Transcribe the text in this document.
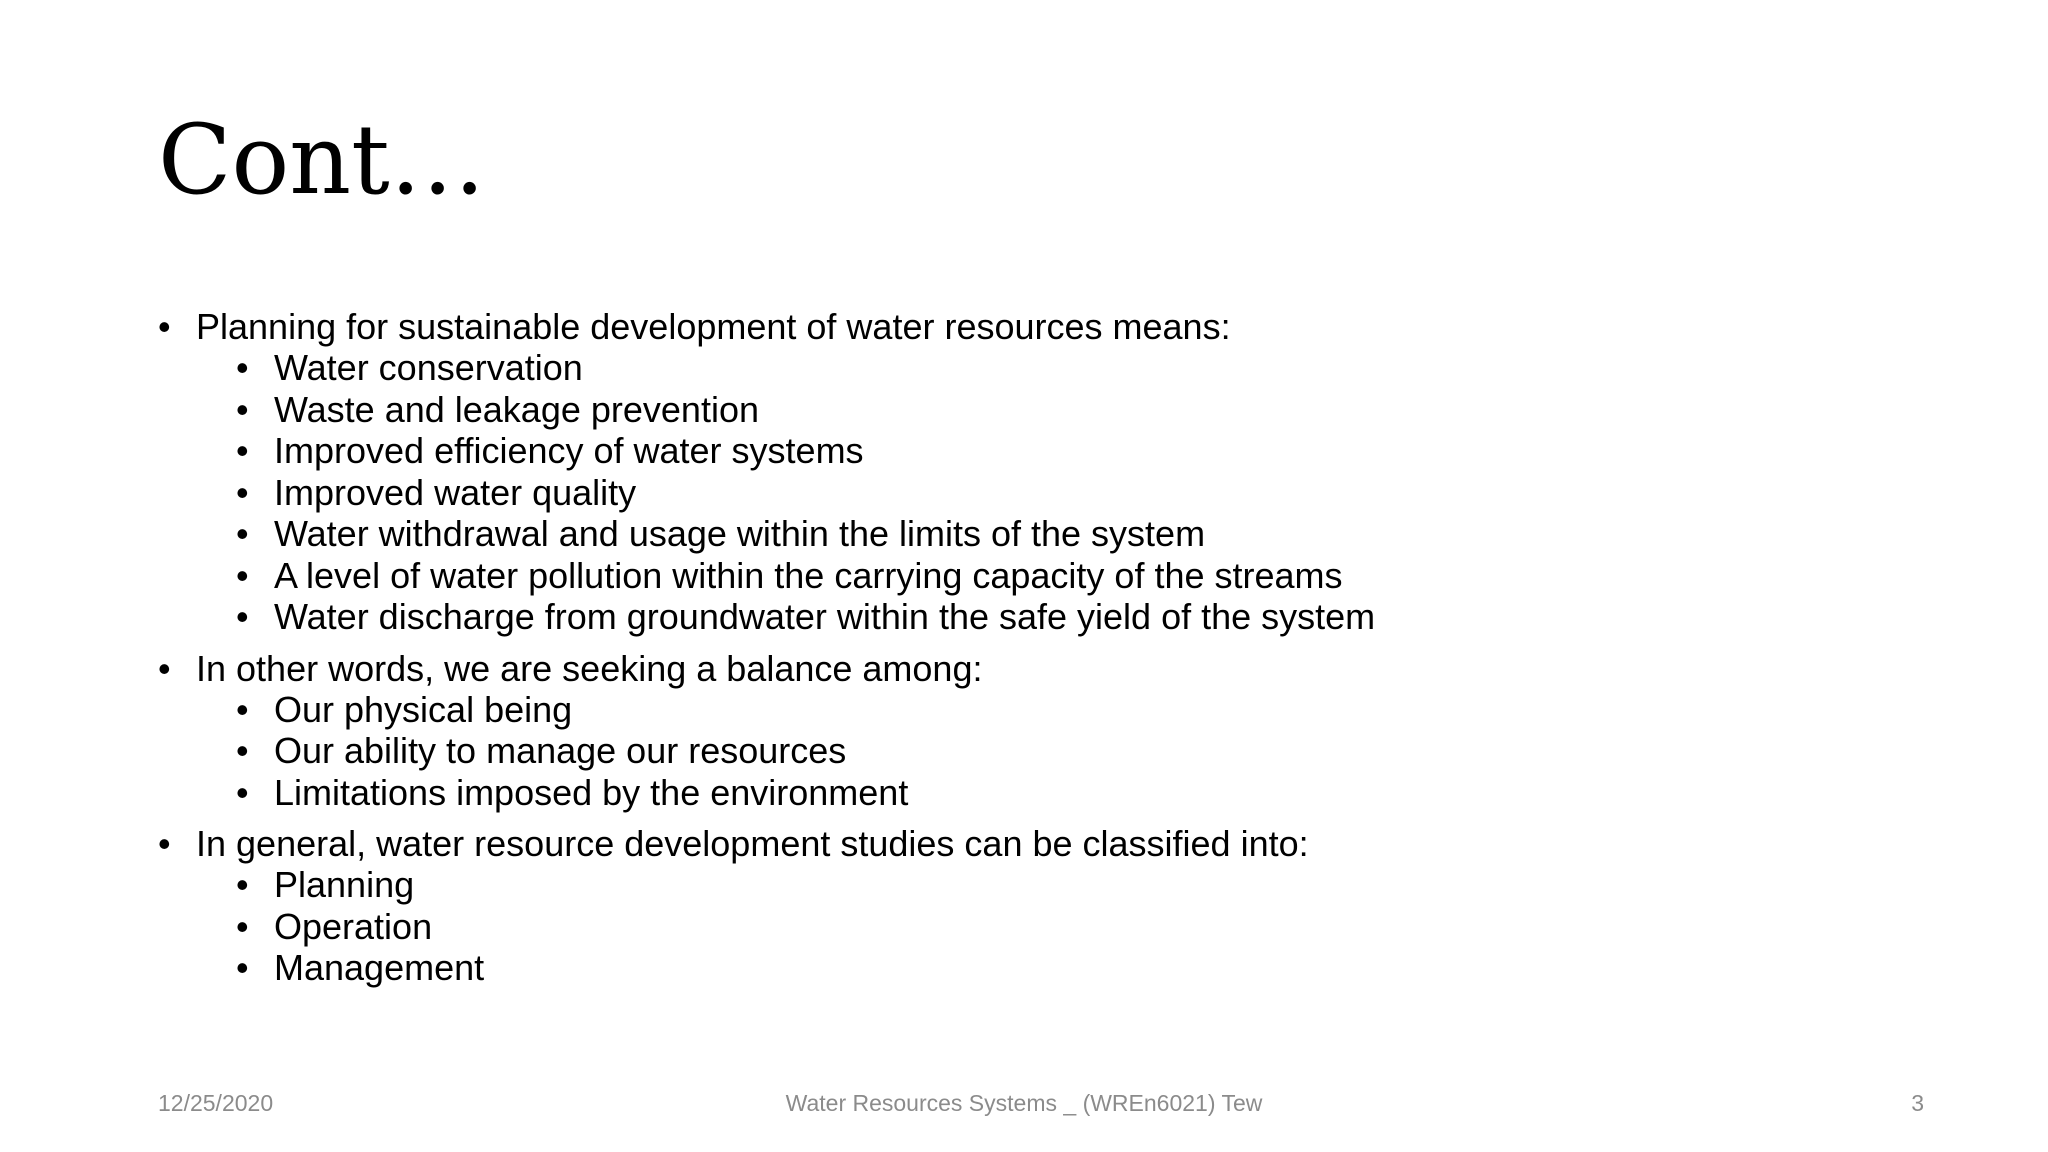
Cont…
• Planning for sustainable development of water resources means:
• Water conservation
• Waste and leakage prevention
• Improved efficiency of water systems
• Improved water quality
• Water withdrawal and usage within the limits of the system
• A level of water pollution within the carrying capacity of the streams
• Water discharge from groundwater within the safe yield of the system
• In other words, we are seeking a balance among:
• Our physical being
• Our ability to manage our resources
• Limitations imposed by the environment
• In general, water resource development studies can be classified into:
• Planning
• Operation
• Management
12/25/2020	Water Resources Systems _ (WREn6021) Tew	3
